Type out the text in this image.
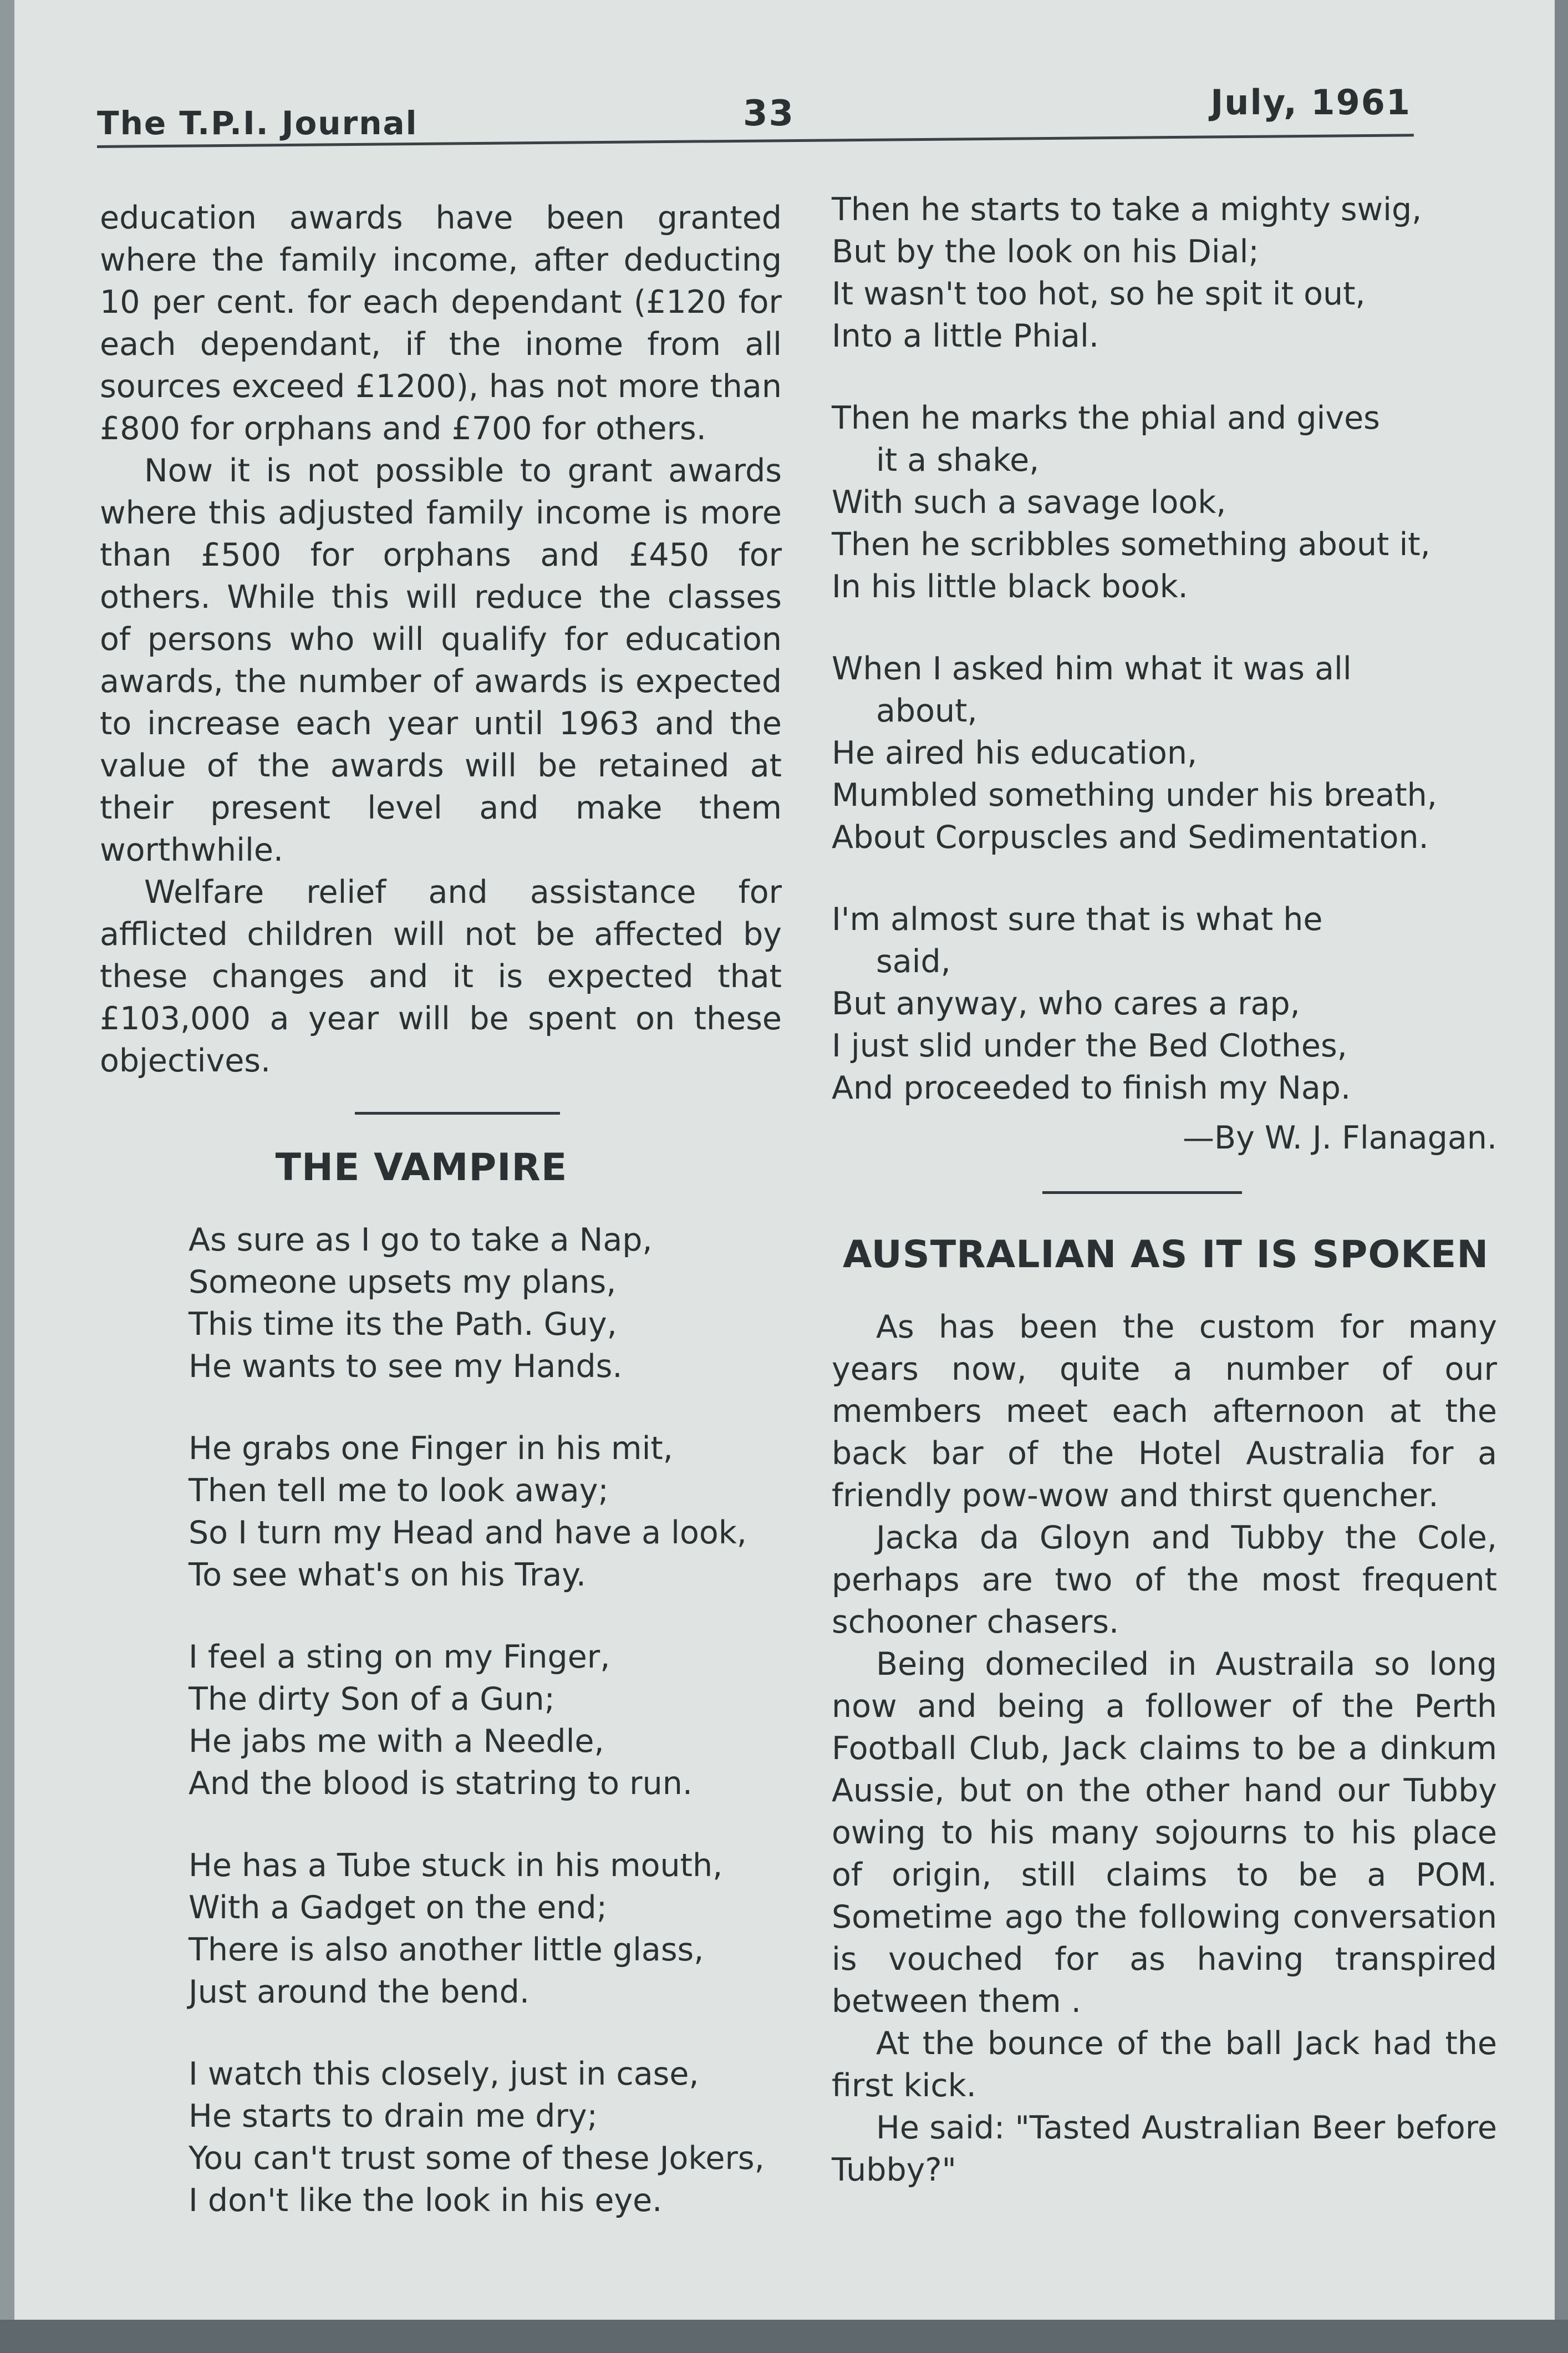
The T.P.I. Journal	33	July, 1961

education awards have been granted where the family income, after deducting 10 per cent. for each dependant (£120 for each dependant, if the inome from all sources exceed £1200), has not more than £800 for orphans and £700 for others.

Now it is not possible to grant awards where this adjusted family income is more than £500 for orphans and £450 for others. While this will reduce the classes of persons who will qualify for education awards, the number of awards is expected to increase each year until 1963 and the value of the awards will be retained at their present level and make them worthwhile.

Welfare relief and assistance for afflicted children will not be affected by these changes and it is expected that £103,000 a year will be spent on these objectives.

THE VAMPIRE

As sure as I go to take a Nap,

Someone upsets my plans,

This time its the Path. Guy,

He wants to see my Hands.

He grabs one Finger in his mit,

Then tell me to look away;

So I turn my Head and have a look,

To see what's on his Tray.

I feel a sting on my Finger,

The dirty Son of a Gun;

He jabs me with a Needle,

And the blood is statring to run.

He has a Tube stuck in his mouth,

With a Gadget on the end;

There is also another little glass,

Just around the bend.

I watch this closely, just in case,

He starts to drain me dry;

You can't trust some of these Jokers,

I don't like the look in his eye.

Then he starts to take a mighty swig,

But by the look on his Dial;

It wasn't too hot, so he spit it out,

Into a little Phial.

Then he marks the phial and gives

it a shake,

With such a savage look,

Then he scribbles something about it,

In his little black book.

When I asked him what it was all

about,

He aired his education,

Mumbled something under his breath,

About Corpuscles and Sedimentation.

I'm almost sure that is what he

said,

But anyway, who cares a rap,

I just slid under the Bed Clothes,

And proceeded to finish my Nap.

—By W. J. Flanagan.

AUSTRALIAN AS IT IS SPOKEN

As has been the custom for many years now, quite a number of our members meet each afternoon at the back bar of the Hotel Australia for a friendly pow-wow and thirst quencher.

Jacka da Gloyn and Tubby the Cole, perhaps are two of the most frequent schooner chasers.

Being domeciled in Austraila so long now and being a follower of the Perth Football Club, Jack claims to be a dinkum Aussie, but on the other hand our Tubby owing to his many sojourns to his place of origin, still claims to be a POM. Sometime ago the following conversation is vouched for as having transpired between them .

At the bounce of the ball Jack had the first kick.

He said: "Tasted Australian Beer before Tubby?"
